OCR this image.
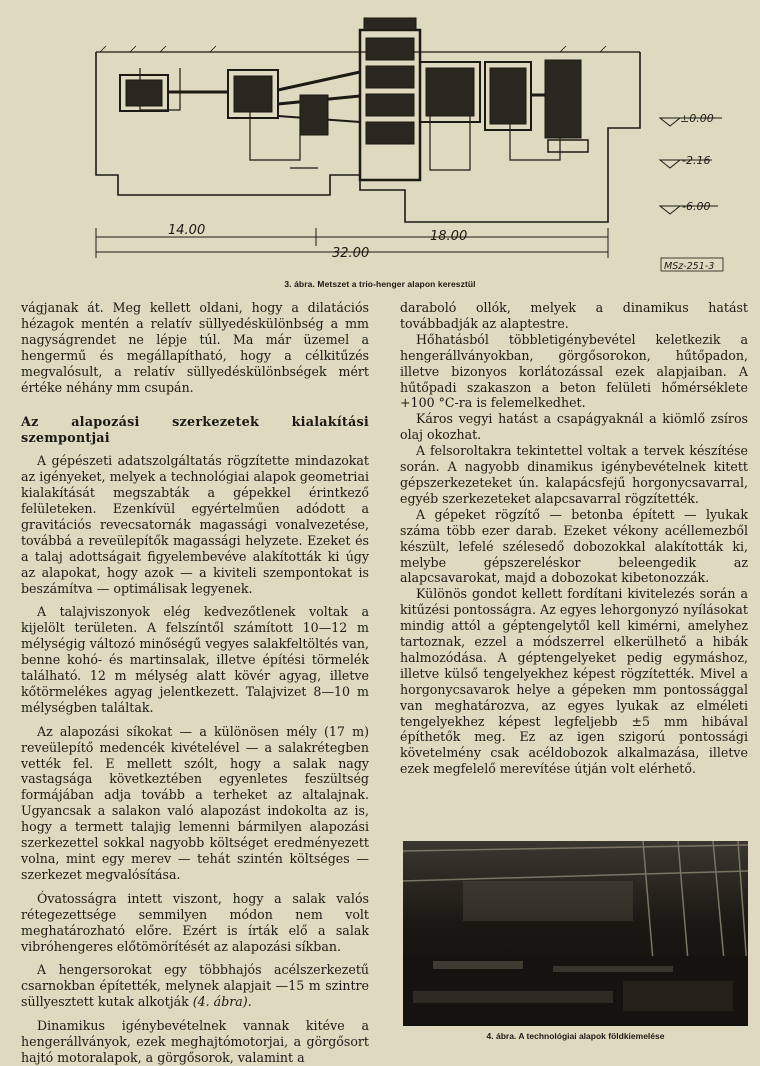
±0.00
-2.16
-6.00
14.00	18.00
32.00
MSz-251-3
3. ábra. Metszet a trio-henger alapon keresztül

vágjanak át. Meg kellett oldani, hogy a dilatációs hézagok mentén a relatív süllyedéskülönbség a mm nagyságrendet ne lépje túl. Ma már üzemel a hengermű és megállapítható, hogy a célkitűzés megvalósult, a relatív süllyedéskülönbségek mért értéke néhány mm csupán.

Az alapozási szerkezetek kialakítási szempontjai

A gépészeti adatszolgáltatás rögzítette mindazokat az igényeket, melyek a technológiai alapok geometriai kialakítását megszabták a gépekkel érintkező felületeken. Ezenkívül egyértelműen adódott a gravitációs revecsatornák magassági vonalvezetése, továbbá a reveülepítők magassági helyzete. Ezeket és a talaj adottságait figyelembevéve alakították ki úgy az alapokat, hogy azok — a kiviteli szempontokat is beszámítva — optimálisak legyenek.

A talajviszonyok elég kedvezőtlenek voltak a kijelölt területen. A felszíntől számított 10—12 m mélységig változó minőségű vegyes salakfeltöltés van, benne kohó- és martinsalak, illetve építési törmelék található. 12 m mélység alatt kövér agyag, illetve kőtörmelékes agyag jelentkezett. Talajvizet 8—10 m mélységben találtak.

Az alapozási síkokat — a különösen mély (17 m) reveülepítő medencék kivételével — a salakrétegben vették fel. E mellett szólt, hogy a salak nagy vastagsága következtében egyenletes feszültség formájában adja tovább a terheket az altalajnak. Ugyancsak a salakon való alapozást indokolta az is, hogy a termett talajig lemenni bármilyen alapozási szerkezettel sokkal nagyobb költséget eredményezett volna, mint egy merev — tehát szintén költséges — szerkezet megvalósítása.

Óvatosságra intett viszont, hogy a salak valós rétegezettsége semmilyen módon nem volt meghatározható előre. Ezért is írták elő a salak vibróhengeres előtömörítését az alapozási síkban.

A hengersorokat egy többhajós acélszerkezetű csarnokban építették, melynek alapjait —15 m szintre süllyesztett kutak alkotják (4. ábra).

Dinamikus igénybevételnek vannak kitéve a hengerállványok, ezek meghajtómotorjai, a görgősort hajtó motoralapok, a görgősorok, valamint a

daraboló ollók, melyek a dinamikus hatást továbbadják az alaptestre.

Hőhatásból többletigénybevétel keletkezik a hengerállványokban, görgősorokon, hűtőpadon, illetve bizonyos korlátozással ezek alapjaiban. A hűtőpadi szakaszon a beton felületi hőmérséklete +100 °C-ra is felemelkedhet.

Káros vegyi hatást a csapágyaknál a kiömlő zsíros olaj okozhat.

A felsoroltakra tekintettel voltak a tervek készítése során. A nagyobb dinamikus igénybevételnek kitett gépszerkezeteket ún. kalapácsfejű horgonycsavarral, egyéb szerkezeteket alapcsavarral rögzítették.

A gépeket rögzítő — betonba épített — lyukak száma több ezer darab. Ezeket vékony acéllemezből készült, lefelé szélesedő dobozokkal alakították ki, melybe gépszereléskor beleengedik az alapcsavarokat, majd a dobozokat kibetonozzák.

Különös gondot kellett fordítani kivitelezés során a kitűzési pontosságra. Az egyes lehorgonyzó nyílásokat mindig attól a géptengelytől kell kimérni, amelyhez tartoznak, ezzel a módszerrel elkerülhető a hibák halmozódása. A géptengelyeket pedig egymáshoz, illetve külső tengelyekhez képest rögzítették. Mivel a horgonycsavarok helye a gépeken mm pontossággal van meghatározva, az egyes lyukak az elméleti tengelyekhez képest legfeljebb ±5 mm hibával építhetők meg. Ez az igen szigorú pontossági követelmény csak acéldobozok alkalmazása, illetve ezek megfelelő merevítése útján volt elérhető.

4. ábra. A technológiai alapok földkiemelése
